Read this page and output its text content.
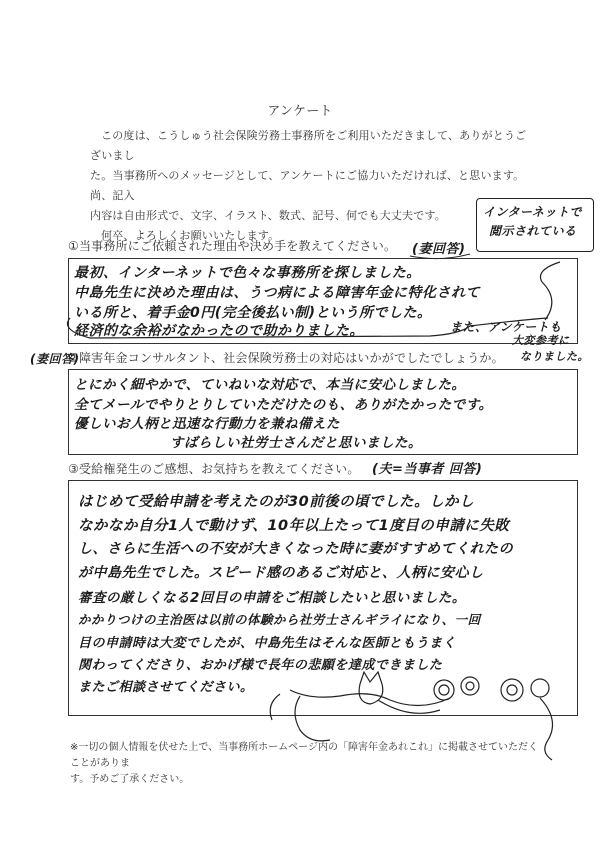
アンケート
この度は、こうしゅう社会保険労務士事務所をご利用いただきまして、ありがとうございまし
た。当事務所へのメッセージとして、アンケートにご協力いただければ、と思います。尚、記入
内容は自由形式で、文字、イラスト、数式、記号、何でも大丈夫です。
何卒、よろしくお願いいたします。
①当事務所にご依頼された理由や決め手を教えてください。 (妻回答)
インターネットで
閲示されている
最初、インターネットで色々な事務所を探しました。
中島先生に決めた理由は、うつ病による障害年金に特化されて
いる所と、着手金0円(完全後払い制)という所でした。
経済的な余裕がなかったので助かりました。	また、アンケートも
②障害年金コンサルタント、社会保険労務士の対応はいかがでしたでしょうか。
(妻回答)
大変参考に
なりました。
とにかく細やかで、ていねいな対応で、本当に安心しました。
全てメールでやりとりしていただけたのも、ありがたかったです。
優しいお人柄と迅速な行動力を兼ね備えた
すばらしい社労士さんだと思いました。
③受給権発生のご感想、お気持ちを教えてください。 (夫=当事者 回答)
はじめて受給申請を考えたのが30前後の頃でした。しかし
なかなか自分1人で動けず、10年以上たって1度目の申請に失敗
し、さらに生活への不安が大きくなった時に妻がすすめてくれたの
が中島先生でした。スピード感のあるご対応と、人柄に安心し
審査の厳しくなる2回目の申請をご相談したいと思いました。
かかりつけの主治医は以前の体験から社労士さんギライになり、一回
目の申請時は大変でしたが、中島先生はそんな医師ともうまく
関わってくださり、おかげ様で長年の悲願を達成できました
またご相談させてください。
※一切の個人情報を伏せた上で、当事務所ホームページ内の「障害年金あれこれ」に掲載させていただくことがありま
す。予めご了承ください。
